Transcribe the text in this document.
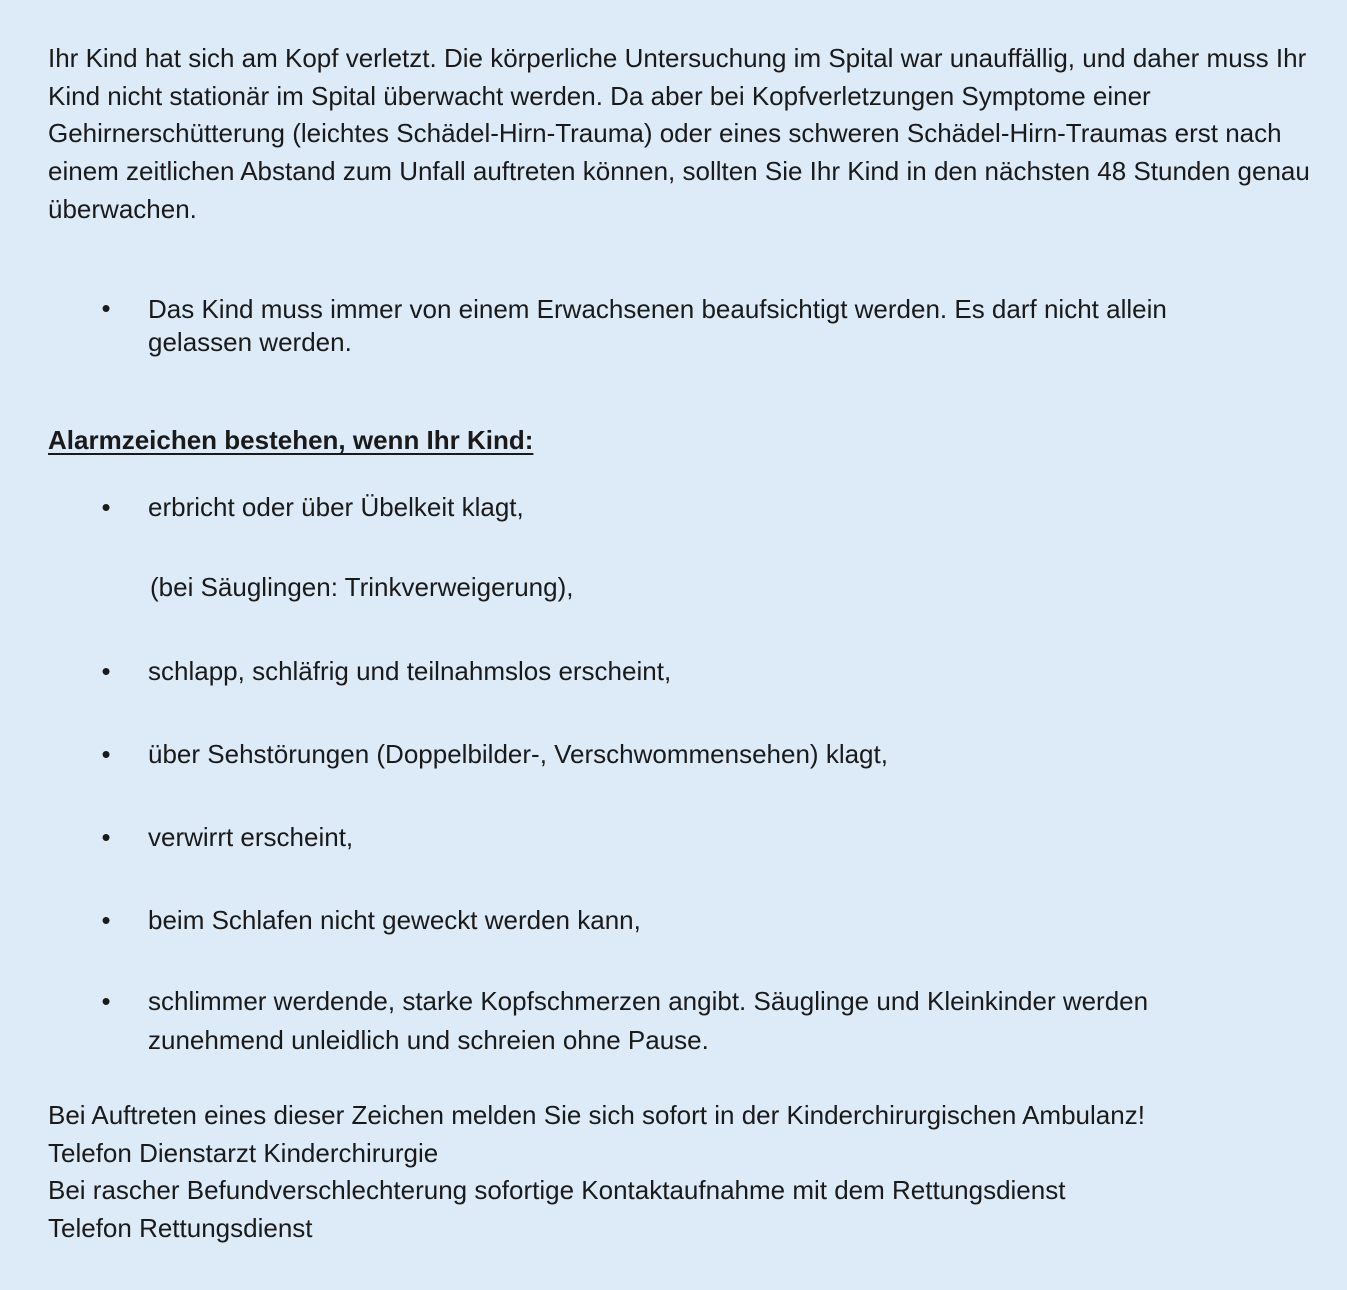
Ihr Kind hat sich am Kopf verletzt. Die körperliche Untersuchung im Spital war unauffällig, und daher muss Ihr Kind nicht stationär im Spital überwacht werden. Da aber bei Kopfverletzungen Symptome einer Gehirnerschütterung (leichtes Schädel-Hirn-Trauma) oder eines schweren Schädel-Hirn-Traumas erst nach einem zeitlichen Abstand zum Unfall auftreten können, sollten Sie Ihr Kind in den nächsten 48 Stunden genau überwachen.

• Das Kind muss immer von einem Erwachsenen beaufsichtigt werden. Es darf nicht allein gelassen werden.
Alarmzeichen bestehen, wenn Ihr Kind:
• erbricht oder über Übelkeit klagt,
(bei Säuglingen: Trinkverweigerung),
• schlapp, schläfrig und teilnahmslos erscheint,
• über Sehstörungen (Doppelbilder-, Verschwommensehen) klagt,
• verwirrt erscheint,
• beim Schlafen nicht geweckt werden kann,
• schlimmer werdende, starke Kopfschmerzen angibt. Säuglinge und Kleinkinder werden zunehmend unleidlich und schreien ohne Pause.
Bei Auftreten eines dieser Zeichen melden Sie sich sofort in der Kinderchirurgischen Ambulanz!
Telefon Dienstarzt Kinderchirurgie
Bei rascher Befundverschlechterung sofortige Kontaktaufnahme mit dem Rettungsdienst
Telefon Rettungsdienst
